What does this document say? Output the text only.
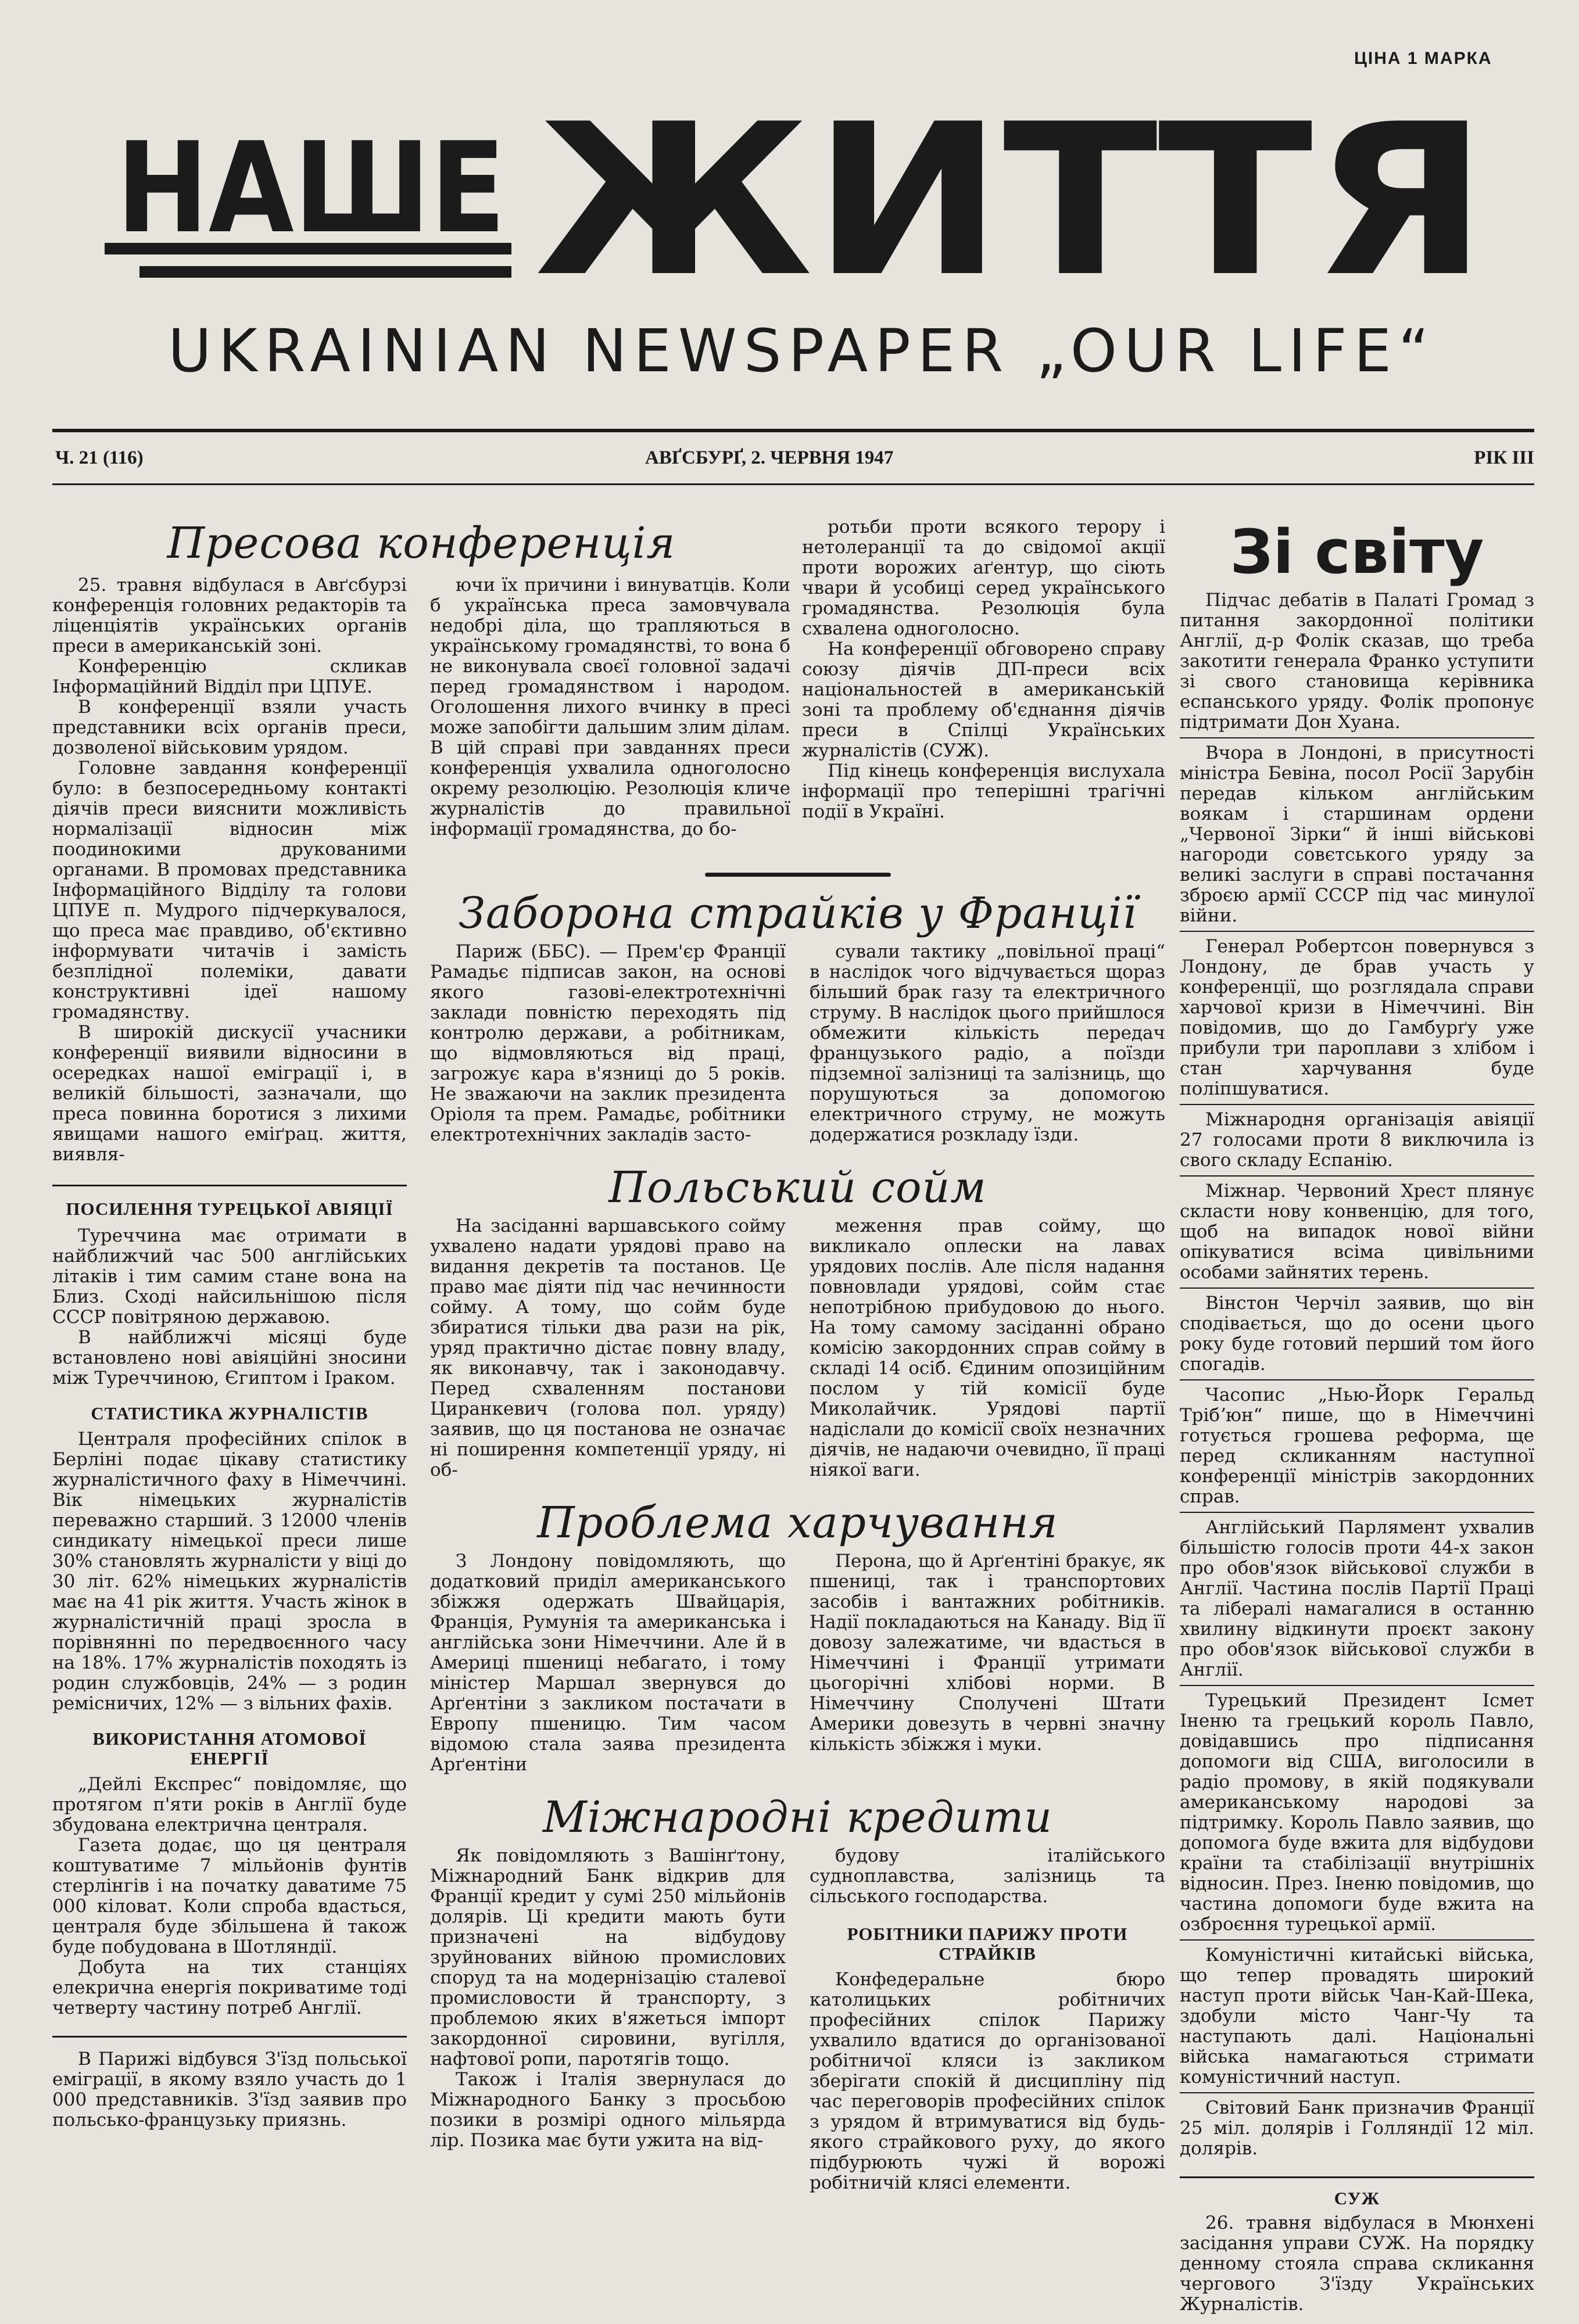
ЦІНА 1 МАРКА
НАШЕ ЖИТТЯ
UKRAINIAN NEWSPAPER „OUR LIFE“
Ч. 21 (116)	АВҐСБУРҐ, 2. ЧЕРВНЯ 1947	РІК III

25. травня відбулася в Авґсбурзі конференція головних редакторів та ліценціятів українських органів преси в американській зоні.

Конференцію скликав Інформаційний Відділ при ЦПУЕ.

В конференції взяли участь представники всіх органів преси, дозволеної військовим урядом.

Головне завдання конференції було: в безпосередньому контакті діячів преси вияснити можливість нормалізації відносин між поодинокими друкованими органами. В промовах представника Інформаційного Відділу та голови ЦПУЕ п. Мудрого підчеркувалося, що преса має правдиво, об'єктивно інформувати читачів і замість безплідної полеміки, давати конструктивні ідеї нашому громадянству.

В широкій дискусії учасники конференції виявили відносини в осередках нашої еміграції і, в великій більшості, зазначали, що преса повинна боротися з лихими явищами нашого еміґрац. життя, виявля-

ПОСИЛЕННЯ ТУРЕЦЬКОЇ АВІЯЦІЇ

Туреччина має отримати в найближчий час 500 англійських літаків і тим самим стане вона на Близ. Сході найсильнішою після СССР повітряною державою.

В найближчі місяці буде встановлено нові авіяційні зносини між Туреччиною, Єгиптом і Іраком.

СТАТИСТИКА ЖУРНАЛІСТІВ

Централя професійних спілок в Берліні подає цікаву статистику журналістичного фаху в Німеччині. Вік німецьких журналістів переважно старший. З 12000 членів синдикату німецької преси лише 30% становлять журналісти у віці до 30 літ. 62% німецьких журналістів має на 41 рік життя. Участь жінок в журналістичній праці зросла в порівнянні по передвоєнного часу на 18%. 17% журналістів походять із родин службовців, 24% — з родин ремісничих, 12% — з вільних фахів.

ВИКОРИСТАННЯ АТОМОВОЇ ЕНЕРГІЇ

„Дейлі Експрес“ повідомляє, що протягом п'яти років в Англії буде збудована електрична централя.

Газета додає, що ця централя коштуватиме 7 мільйонів фунтів стерлінгів і на початку даватиме 75 000 кіловат. Коли спроба вдасться, централя буде збільшена й також буде побудована в Шотляндії.

Добута на тих станціях елекрична енергія покриватиме тоді четверту частину потреб Англії.

В Парижі відбувся З'їзд польської еміграції, в якому взяло участь до 1 000 представників. З'їзд заявив про польсько-французьку приязнь.

Пресова конференція

ючи їх причини і винуватців. Коли б українська преса замовчувала недобрі діла, що трапляються в українському громадянстві, то вона б не виконувала своєї головної задачі перед громадянством і народом. Оголошення лихого вчинку в пресі може запобігти дальшим злим ділам. В цій справі при завданнях преси конференція ухвалила одноголосно окрему резолюцію. Резолюція кличе журналістів до правильної інформації громадянства, до бо-

ротьби проти всякого терору і нетолеранції та до свідомої акції проти ворожих аґентур, що сіють чвари й усобиці серед українського громадянства. Резолюція була схвалена одноголосно.

На конференції обговорено справу союзу діячів ДП-преси всіх національностей в американській зоні та проблему об'єднання діячів преси в Спілці Українських журналістів (СУЖ).

Під кінець конференція вислухала інформації про теперішні трагічні події в Україні.

Заборона страйків у Франції

Париж (ББС). — Прем'єр Франції Рамадьє підписав закон, на основі якого газові-електротехнічні заклади повністю переходять під контролю держави, а робітникам, що відмовляються від праці, загрожує кара в'язниці до 5 років. Не зважаючи на заклик президента Оріоля та прем. Рамадьє, робітники електротехнічних закладів засто-

сували тактику „повільної праці“ в наслідок чого відчувається щораз більший брак газу та електричного струму. В наслідок цього прийшлося обмежити кількість передач французького радіо, а поїзди підземної залізниці та залізниць, що порушуються за допомогою електричного струму, не можуть додержатися розкладу їзди.

Польський сойм

На засіданні варшавського сойму ухвалено надати урядові право на видання декретів та постанов. Це право має діяти під час нечинности сойму. А тому, що сойм буде збиратися тільки два рази на рік, уряд практично дістає повну владу, як виконавчу, так і законодавчу. Перед схваленням постанови Циранкевич (голова пол. уряду) заявив, що ця постанова не означає ні поширення компетенції уряду, ні об-

меження прав сойму, що викликало оплески на лавах урядових послів. Але після надання повновлади урядові, сойм стає непотрібною прибудовою до нього. На тому самому засіданні обрано комісію закордонних справ сойму в складі 14 осіб. Єдиним опозиційним послом у тій комісії буде Миколайчик. Урядові партії надіслали до комісії своїх незначних діячів, не надаючи очевидно, її праці ніякої ваги.

Проблема харчування

З Лондону повідомляють, що додатковий приділ американського збіжжя одержать Швайцарія, Франція, Румунія та американська і англійська зони Німеччини. Але й в Америці пшениці небагато, і тому міністер Маршал звернувся до Арґентіни з закликом постачати в Европу пшеницю. Тим часом відомою стала заява президента Арґентіни

Перона, що й Арґентіні бракує, як пшениці, так і транспортових засобів і вантажних робітників. Надії покладаються на Канаду. Від її довозу залежатиме, чи вдасться в Німеччині і Франції утримати цьогорічні хлібові норми. В Німеччину Сполучені Штати Америки довезуть в червні значну кількість збіжжя і муки.

Міжнародні кредити

Як повідомляють з Вашінґтону, Міжнародний Банк відкрив для Франції кредит у сумі 250 мільйонів долярів. Ці кредити мають бути призначені на відбудову зруйнованих війною промислових споруд та на модернізацію сталевої промисловости й транспорту, з проблемою яких в'яжеться імпорт закордонної сировини, вугілля, нафтової ропи, паротягів тощо.

Також і Італія звернулася до Міжнародного Банку з просьбою позики в розмірі одного мільярда лір. Позика має бути ужита на від-

будову італійського судноплавства, залізниць та сільського господарства.

РОБІТНИКИ ПАРИЖУ ПРОТИ СТРАЙКІВ

Конфедеральне бюро католицьких робітничих професійних спілок Парижу ухвалило вдатися до організованої робітничої кляси із закликом зберігати спокій й дисципліну під час переговорів професійних спілок з урядом й втримуватися від будь-якого страйкового руху, до якого підбурюють чужі й ворожі робітничій клясі елементи.

Зі світу

Підчас дебатів в Палаті Громад з питання закордонної політики Англії, д-р Фолік сказав, що треба закотити генерала Франко уступити зі свого становища керівника еспанського уряду. Фолік пропонує підтримати Дон Хуана.

Вчора в Лондоні, в присутності міністра Бевіна, посол Росії Зарубін передав кільком англійським воякам і старшинам ордени „Червоної Зірки“ й інші військові нагороди совєтського уряду за великі заслуги в справі постачання зброєю армії СССР під час минулої війни.

Генерал Робертсон повернувся з Лондону, де брав участь у конференції, що розглядала справи харчової кризи в Німеччині. Він повідомив, що до Гамбурґу уже прибули три пароплави з хлібом і стан харчування буде поліпшуватися.

Міжнародня організація авіяції 27 голосами проти 8 виключила із свого складу Еспанію.

Міжнар. Червоний Хрест плянує скласти нову конвенцію, для того, щоб на випадок нової війни опікуватися всіма цивільними особами зайнятих терень.

Вінстон Черчіл заявив, що він сподівається, що до осени цього року буде готовий перший том його спогадів.

Часопис „Нью-Йорк Геральд Трібʼюн“ пише, що в Німеччині готується грошева реформа, ще перед скликанням наступної конференції міністрів закордонних справ.

Англійський Парлямент ухвалив більшістю голосів проти 44-х закон про обов'язок військової служби в Англії. Частина послів Партії Праці та лібералі намагалися в останню хвилину відкинути проєкт закону про обов'язок військової служби в Англії.

Турецький Президент Ісмет Іненю та грецький король Павло, довідавшись про підписання допомоги від США, виголосили в радіо промову, в якій подякували американському народові за підтримку. Король Павло заявив, що допомога буде вжита для відбудови країни та стабілізації внутрішніх відносин. През. Іненю повідомив, що частина допомоги буде вжита на озброєння турецької армії.

Комуністичні китайські війська, що тепер провадять широкий наступ проти військ Чан-Кай-Шека, здобули місто Чанг-Чу та наступають далі. Національні війська намагаються стримати комуністичний наступ.

Світовий Банк призначив Франції 25 міл. долярів і Голляндії 12 міл. долярів.

СУЖ

26. травня відбулася в Мюнхені засідання управи СУЖ. На порядку денному стояла справа скликання чергового З'їзду Українських Журналістів.
